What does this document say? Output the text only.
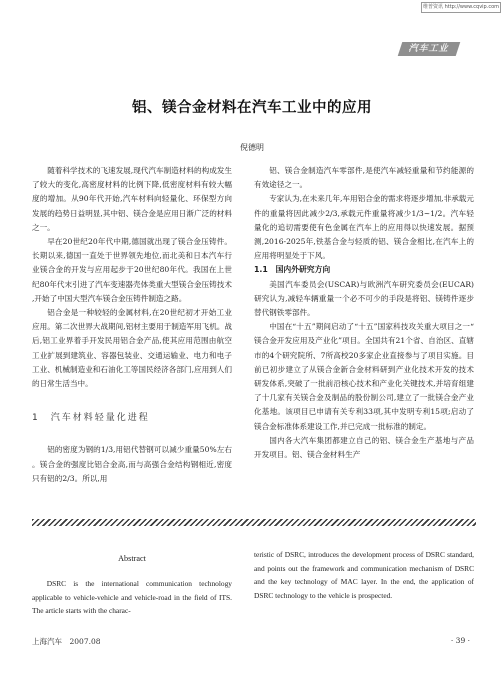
维普资讯 http://www.cqvip.com
汽车工业
铝、镁合金材料在汽车工业中的应用
倪德明

随着科学技术的飞速发展,现代汽车制造材料的构成发生了较大的变化,高密度材料的比例下降,低密度材料有较大幅度的增加。从90年代开始,汽车材料向轻量化、环保型方向发展的趋势日益明显,其中铝、镁合金是应用日渐广泛的材料之一。

早在20世纪20年代中期,德国就出现了镁合金压铸件。长期以来,德国一直处于世界领先地位,而北美和日本汽车行业镁合金的开发与应用起步于20世纪80年代。我国在上世纪80年代末引进了汽车变速器壳体类重大型镁合金压铸技术,开始了中国大型汽车镁合金压铸件制造之路。

铝合金是一种较轻的金属材料,在20世纪初才开始工业应用。第二次世界大战期间,铝材主要用于制造军用飞机。战后,铝工业界着手开发民用铝合金产品,使其应用范围由航空工业扩展到建筑业、容器包装业、交通运输业、电力和电子工业、机械制造业和石油化工等国民经济各部门,应用到人们的日常生活当中。

1　汽车材料轻量化进程

铝的密度为钢的1/3,用铝代替钢可以减少重量50%左右。镁合金的强度比铝合金高,而与高强合金结构钢相近,密度只有铝的2/3。所以,用

铝、镁合金制造汽车零部件,是使汽车减轻重量和节约能源的有效途径之一。

专家认为,在未来几年,车用铝合金的需求将逐步增加,非承载元件的重量将因此减少2/3,承载元件重量将减少1/3~1/2。汽车轻量化的追切需要使有色金属在汽车上的应用得以快速发展。据预测,2016-2025年,铁基合金与轻质的铝、镁合金相比,在汽车上的应用将明显处于下风。

1.1　国内外研究方向

美国汽车委员会(USCAR)与欧洲汽车研究委员会(EUCAR)研究认为,减轻车辆重量一个必不可少的手段是将铝、镁铸件逐步替代钢铁零部件。

中国在“十五”期间启动了“十五”国家科技攻关重大项目之一“镁合金开发应用及产业化”项目。全国共有21个省、自治区、直辖市的4个研究院所、7所高校20多家企业直接参与了项目实施。目前已初步建立了从镁合金新合金材料研到产业化技术开发的技术研发体系,突破了一批前沿核心技术和产业化关键技术,并培育组建了十几家有关镁合金及制品的股份制公司,建立了一批镁合金产业化基地。该项目已申请有关专利33项,其中发明专利15项;启动了镁合金标准体系建设工作,并已完成一批标准的制定。

国内各大汽车集团都建立自己的铝、镁合金生产基地与产品开发项目。铝、镁合金材料生产

Abstract

DSRC is the international communication technology applicable to vehicle-vehicle and vehicle-road in the field of ITS. The article starts with the charac-

teristic of DSRC, introduces the development process of DSRC standard, and points out the framework and communication mechanism of DSRC and the key technology of MAC layer. In the end, the application of DSRC technology to the vehicle is prospected.

上海汽车　2007.08	· 39 ·
